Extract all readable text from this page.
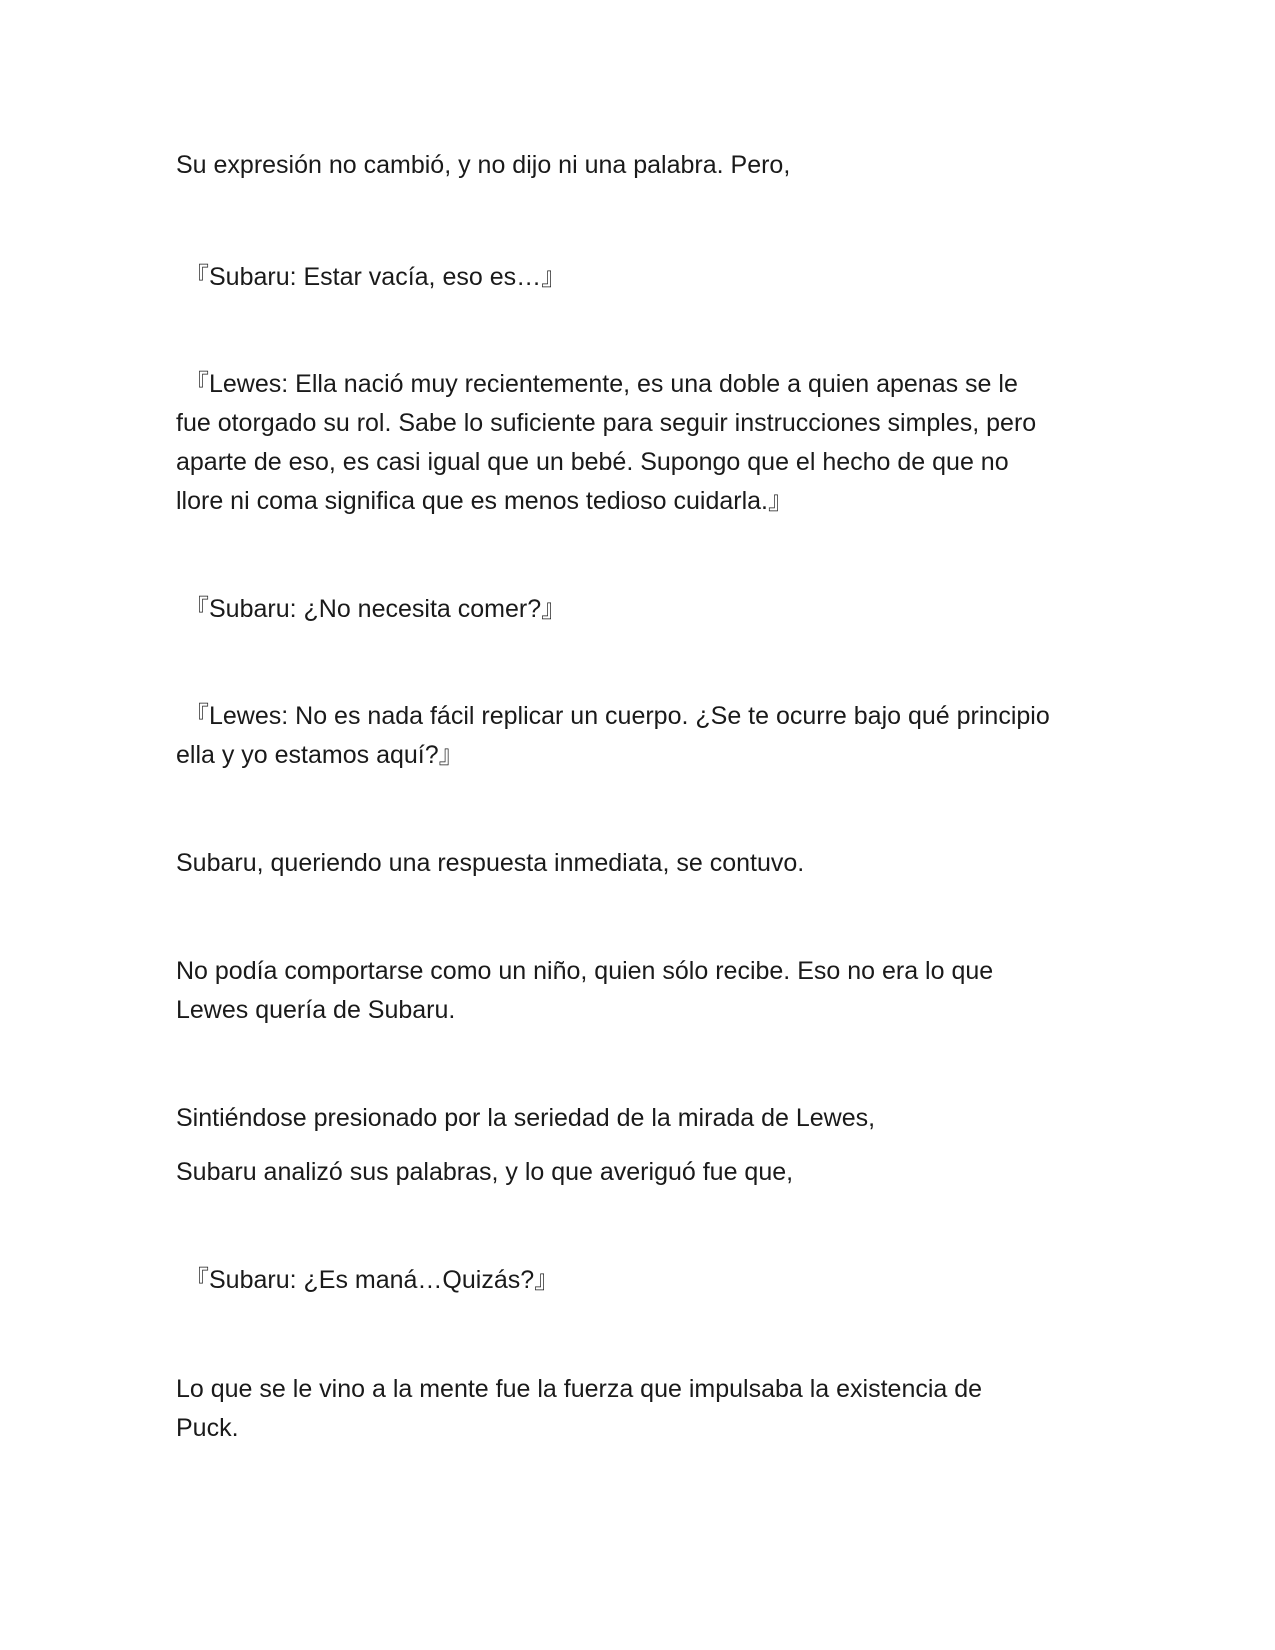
Su expresión no cambió, y no dijo ni una palabra. Pero,

『Subaru: Estar vacía, eso es…』

『Lewes: Ella nació muy recientemente, es una doble a quien apenas se le

fue otorgado su rol. Sabe lo suficiente para seguir instrucciones simples, pero

aparte de eso, es casi igual que un bebé. Supongo que el hecho de que no

llore ni coma significa que es menos tedioso cuidarla.』

『Subaru: ¿No necesita comer?』

『Lewes: No es nada fácil replicar un cuerpo. ¿Se te ocurre bajo qué principio

ella y yo estamos aquí?』

Subaru, queriendo una respuesta inmediata, se contuvo.

No podía comportarse como un niño, quien sólo recibe. Eso no era lo que

Lewes quería de Subaru.

Sintiéndose presionado por la seriedad de la mirada de Lewes,

Subaru analizó sus palabras, y lo que averiguó fue que,

『Subaru: ¿Es maná…Quizás?』

Lo que se le vino a la mente fue la fuerza que impulsaba la existencia de

Puck.
